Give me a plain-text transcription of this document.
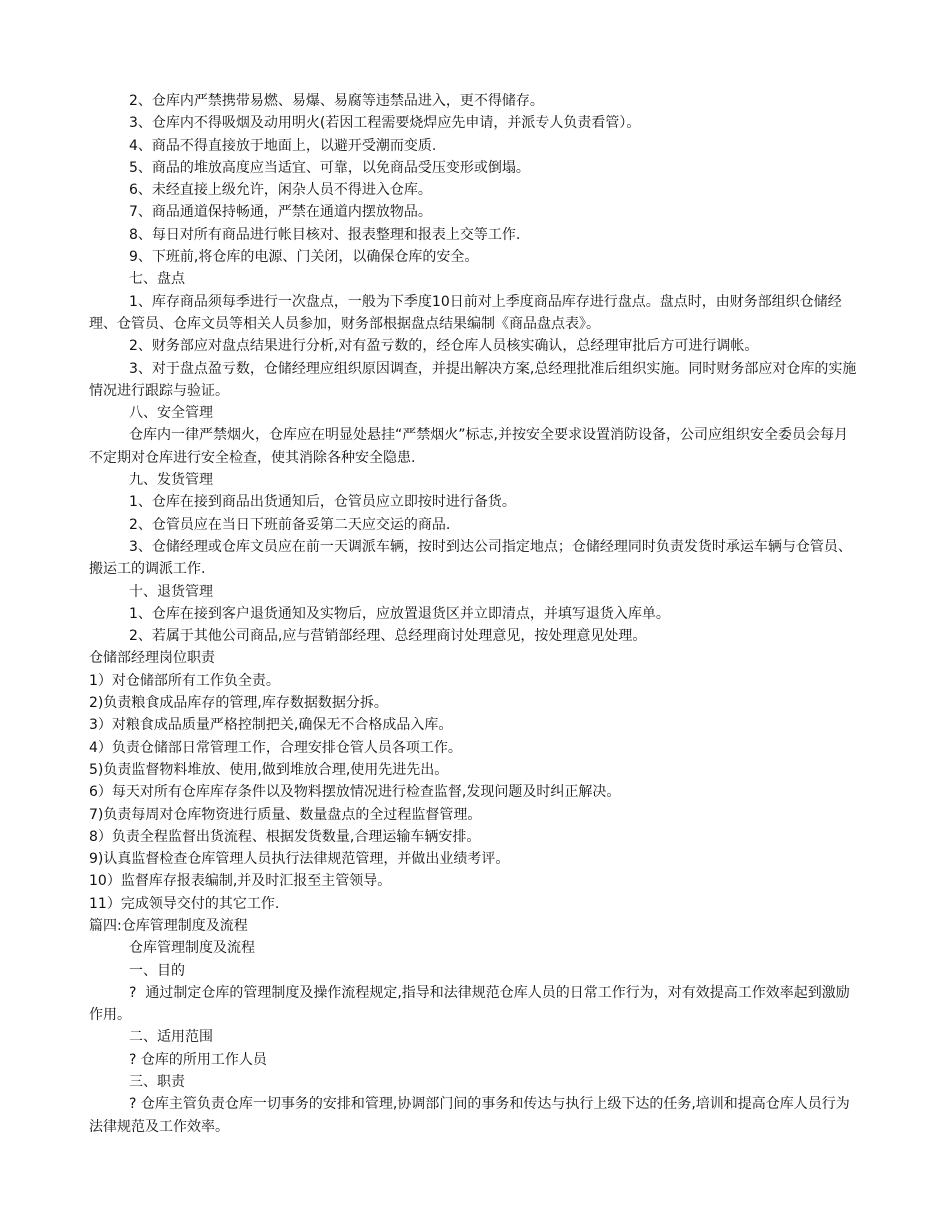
2、仓库内严禁携带易燃、易爆、易腐等违禁品进入，更不得储存。

3、仓库内不得吸烟及动用明火(若因工程需要烧焊应先申请，并派专人负责看管）。

4、商品不得直接放于地面上，以避开受潮而变质.

5、商品的堆放高度应当适宜、可靠，以免商品受压变形或倒塌。

6、未经直接上级允许，闲杂人员不得进入仓库。

7、商品通道保持畅通，严禁在通道内摆放物品。

8、每日对所有商品进行帐目核对、报表整理和报表上交等工作.

9、下班前,将仓库的电源、门关闭，以确保仓库的安全。

七、盘点

1、库存商品须每季进行一次盘点，一般为下季度10日前对上季度商品库存进行盘点。盘点时，由财务部组织仓储经理、仓管员、仓库文员等相关人员参加，财务部根据盘点结果编制《商品盘点表》。

2、财务部应对盘点结果进行分析,对有盈亏数的，经仓库人员核实确认，总经理审批后方可进行调帐。

3、对于盘点盈亏数，仓储经理应组织原因调查，并提出解决方案,总经理批准后组织实施。同时财务部应对仓库的实施情况进行跟踪与验证。

八、安全管理

仓库内一律严禁烟火，仓库应在明显处悬挂“严禁烟火”标志,并按安全要求设置消防设备，公司应组织安全委员会每月不定期对仓库进行安全检查，使其消除各种安全隐患.

九、发货管理

1、仓库在接到商品出货通知后，仓管员应立即按时进行备货。

2、仓管员应在当日下班前备妥第二天应交运的商品.

3、仓储经理或仓库文员应在前一天调派车辆，按时到达公司指定地点；仓储经理同时负责发货时承运车辆与仓管员、搬运工的调派工作.

十、退货管理

1、仓库在接到客户退货通知及实物后，应放置退货区并立即清点，并填写退货入库单。

2、若属于其他公司商品,应与营销部经理、总经理商讨处理意见，按处理意见处理。

仓储部经理岗位职责

1）对仓储部所有工作负全责。

2)负责粮食成品库存的管理,库存数据数据分拆。

3）对粮食成品质量严格控制把关,确保无不合格成品入库。

4）负责仓储部日常管理工作，合理安排仓管人员各项工作。

5)负责监督物料堆放、使用,做到堆放合理,使用先进先出。

6）每天对所有仓库库存条件以及物料摆放情况进行检查监督,发现问题及时纠正解决。

7)负责每周对仓库物资进行质量、数量盘点的全过程监督管理。

8）负责全程监督出货流程、根据发货数量,合理运输车辆安排。

9)认真监督检查仓库管理人员执行法律规范管理，并做出业绩考评。

10）监督库存报表编制,并及时汇报至主管领导。

11）完成领导交付的其它工作.

篇四:仓库管理制度及流程

仓库管理制度及流程

一、目的

?  通过制定仓库的管理制度及操作流程规定,指导和法律规范仓库人员的日常工作行为，对有效提高工作效率起到激励作用。

二、适用范围

? 仓库的所用工作人员

三、职责

? 仓库主管负责仓库一切事务的安排和管理,协调部门间的事务和传达与执行上级下达的任务,培训和提高仓库人员行为法律规范及工作效率。
